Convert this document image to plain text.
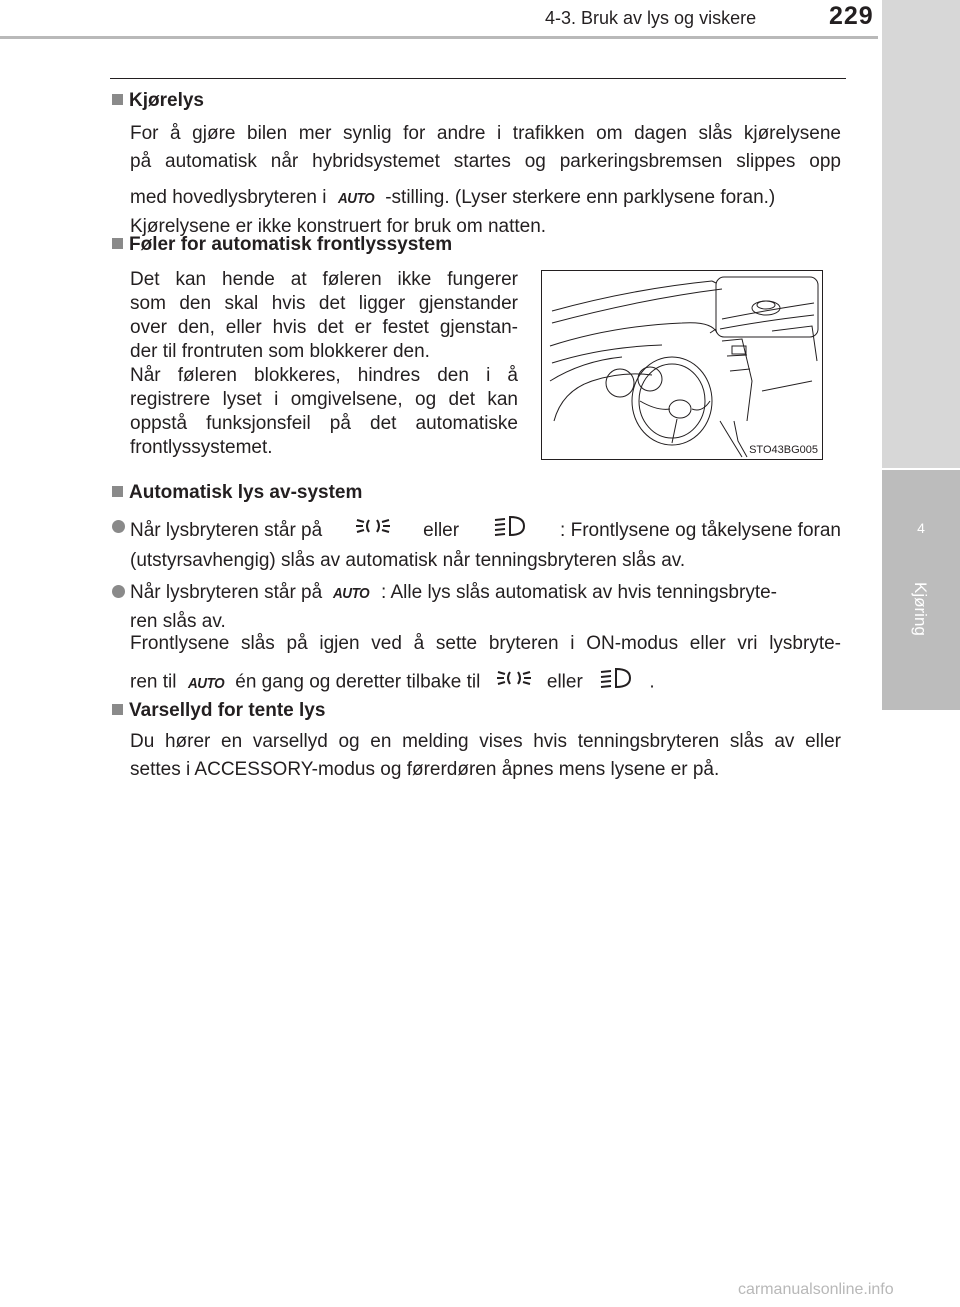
4-3. Bruk av lys og viskere	229
4
Kjøring
Kjørelys
For å gjøre bilen mer synlig for andre i trafikken om dagen slås kjørelysene
på automatisk når hybridsystemet startes og parkeringsbremsen slippes opp
med hovedlysbryteren i AUTO -stilling. (Lyser sterkere enn parklysene foran.)
Kjørelysene er ikke konstruert for bruk om natten.
Føler for automatisk frontlyssystem
Det kan hende at føleren ikke fungerer
som den skal hvis det ligger gjenstander
over den, eller hvis det er festet gjenstan-
der til frontruten som blokkerer den.
Når føleren blokkeres, hindres den i å
registrere lyset i omgivelsene, og det kan
oppstå funksjonsfeil på det automatiske
frontlyssystemet.	STO43BG005
Automatisk lys av-system
Når lysbryteren står på	eller	: Frontlysene og tåkelysene foran
(utstyrsavhengig) slås av automatisk når tenningsbryteren slås av.
Når lysbryteren står på AUTO : Alle lys slås automatisk av hvis tenningsbryte-
ren slås av.
Frontlysene slås på igjen ved å sette bryteren i ON-modus eller vri lysbryte-
ren til AUTO én gang og deretter tilbake til	eller	.
Varsellyd for tente lys
Du hører en varsellyd og en melding vises hvis tenningsbryteren slås av eller
settes i ACCESSORY-modus og førerdøren åpnes mens lysene er på.
carmanualsonline.info
